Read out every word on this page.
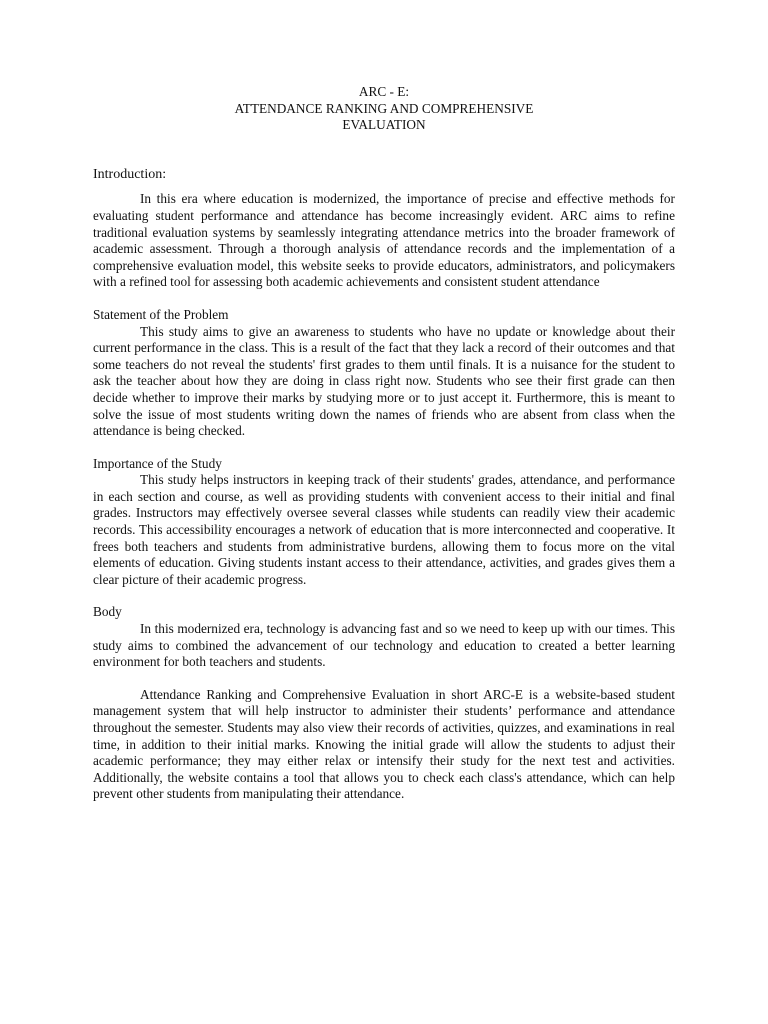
ARC - E:
ATTENDANCE RANKING AND COMPREHENSIVE
EVALUATION
Introduction:

In this era where education is modernized, the importance of precise and effective methods for evaluating student performance and attendance has become increasingly evident. ARC aims to refine traditional evaluation systems by seamlessly integrating attendance metrics into the broader framework of academic assessment. Through a thorough analysis of attendance records and the implementation of a comprehensive evaluation model, this website seeks to provide educators, administrators, and policymakers with a refined tool for assessing both academic achievements and consistent student attendance

Statement of the Problem

This study aims to give an awareness to students who have no update or knowledge about their current performance in the class. This is a result of the fact that they lack a record of their outcomes and that some teachers do not reveal the students' first grades to them until finals. It is a nuisance for the student to ask the teacher about how they are doing in class right now. Students who see their first grade can then decide whether to improve their marks by studying more or to just accept it. Furthermore, this is meant to solve the issue of most students writing down the names of friends who are absent from class when the attendance is being checked.

Importance of the Study

This study helps instructors in keeping track of their students' grades, attendance, and performance in each section and course, as well as providing students with convenient access to their initial and final grades. Instructors may effectively oversee several classes while students can readily view their academic records. This accessibility encourages a network of education that is more interconnected and cooperative. It frees both teachers and students from administrative burdens, allowing them to focus more on the vital elements of education. Giving students instant access to their attendance, activities, and grades gives them a clear picture of their academic progress.

Body

In this modernized era, technology is advancing fast and so we need to keep up with our times. This study aims to combined the advancement of our technology and education to created a better learning environment for both teachers and students.

Attendance Ranking and Comprehensive Evaluation in short ARC-E is a website-based student management system that will help instructor to administer their students’ performance and attendance throughout the semester. Students may also view their records of activities, quizzes, and examinations in real time, in addition to their initial marks. Knowing the initial grade will allow the students to adjust their academic performance; they may either relax or intensify their study for the next test and activities. Additionally, the website contains a tool that allows you to check each class's attendance, which can help prevent other students from manipulating their attendance.
